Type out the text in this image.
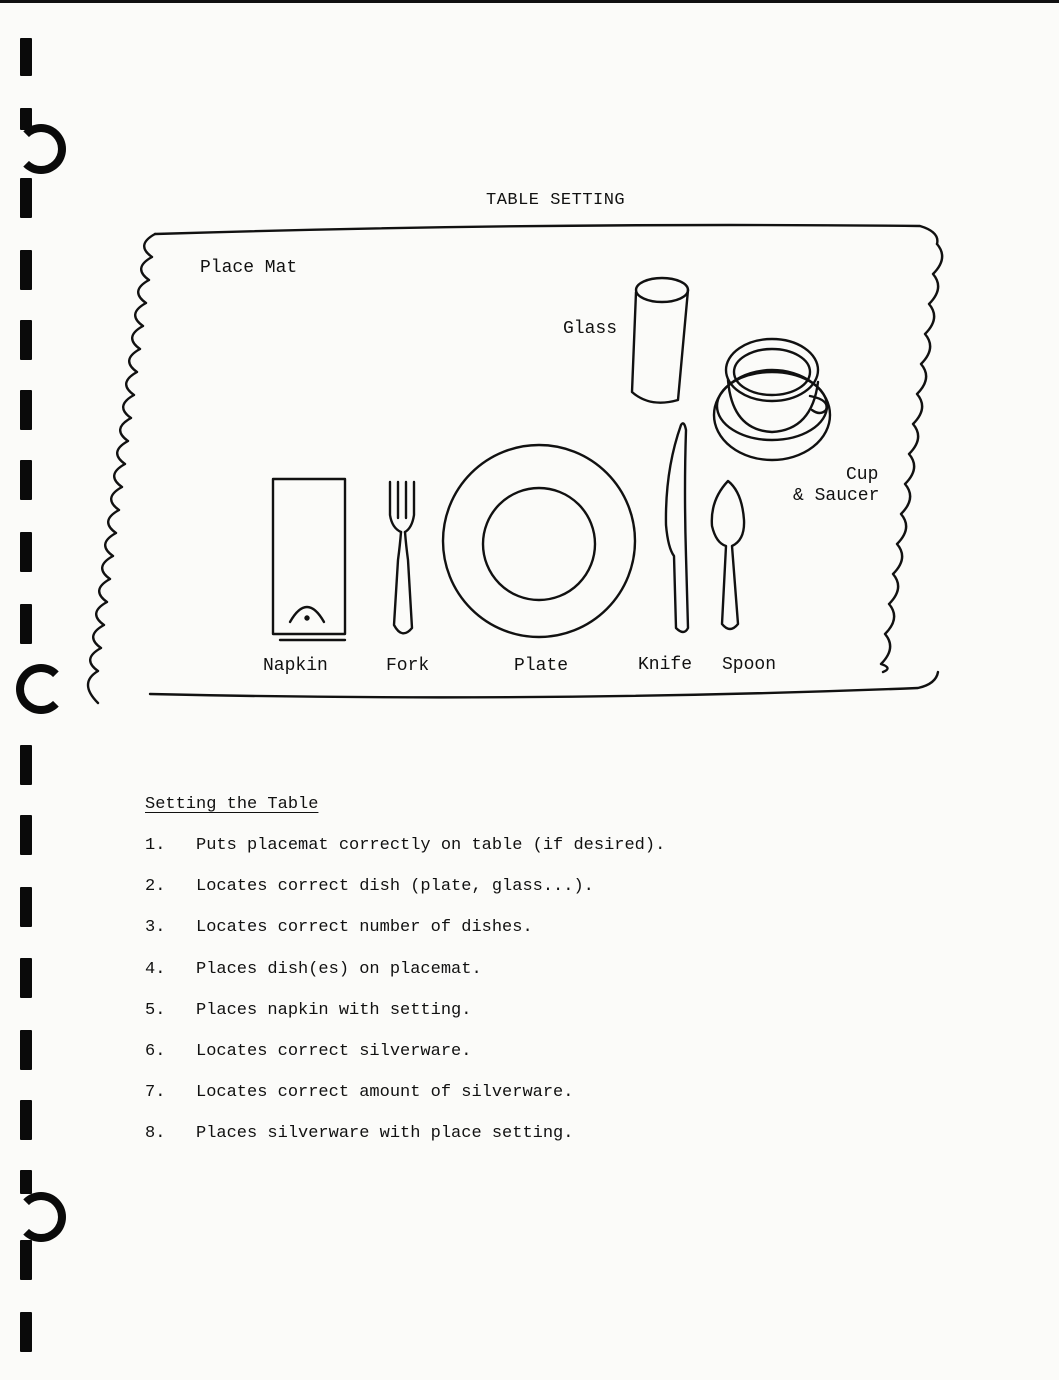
TABLE SETTING
Place Mat
Glass
Cup
& Saucer
Napkin	Fork	Plate	Knife Spoon
Setting the Table
1. Puts placemat correctly on table (if desired).
2. Locates correct dish (plate, glass...).
3. Locates correct number of dishes.
4. Places dish(es) on placemat.
5. Places napkin with setting.
6. Locates correct silverware.
7. Locates correct amount of silverware.
8. Places silverware with place setting.
